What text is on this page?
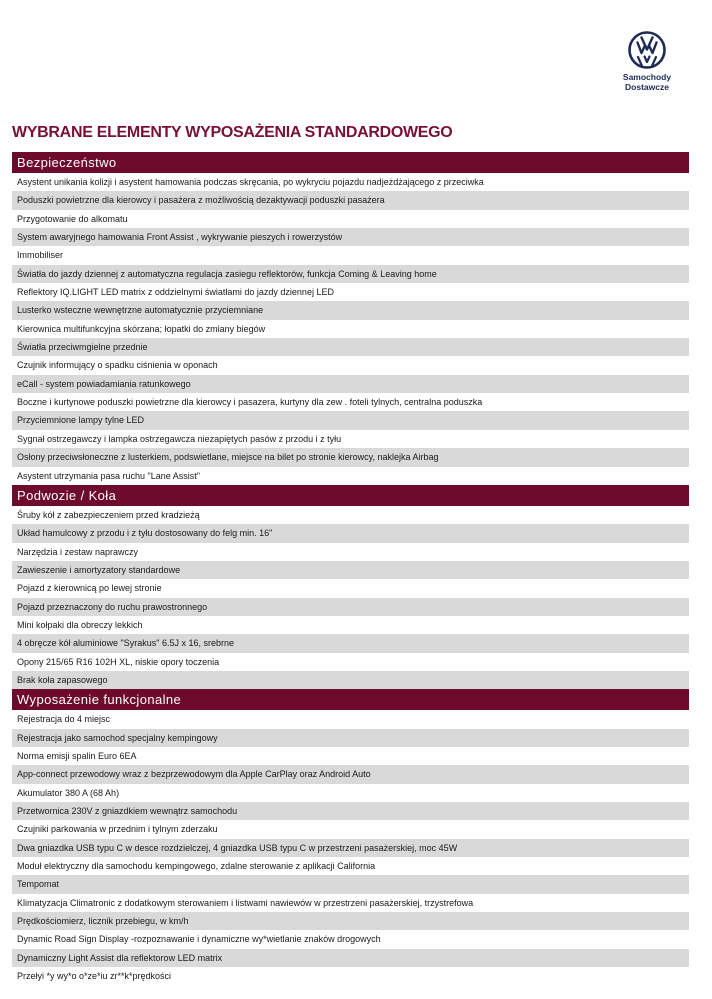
Samochody
Dostawcze
WYBRANE ELEMENTY WYPOSAŻENIA STANDARDOWEGO
Bezpieczeństwo
Asystent unikania kolizji i asystent hamowania podczas skręcania, po wykryciu pojazdu nadjeżdżającego z przeciwka
Poduszki powietrzne dla kierowcy i pasażera z możliwością dezaktywacji poduszki pasażera
Przygotowanie do alkomatu
System awaryjnego hamowania Front Assist , wykrywanie pieszych i rowerzystów
Immobiliser
Światła do jazdy dziennej z automatyczna regulacja zasiegu reflektorów, funkcja Coming & Leaving home
Reflektory IQ.LIGHT LED matrix z oddzielnymi światłami do jazdy dziennej LED
Lusterko wsteczne wewnętrzne automatycznie przyciemniane
Kierownica multifunkcyjna skórzana; łopatki do zmiany biegów
Światła przeciwmgielne przednie
Czujnik informujący o spadku ciśnienia w oponach
eCall - system powiadamiania ratunkowego
Boczne i kurtynowe poduszki powietrzne dla kierowcy i pasazera, kurtyny dla zew . foteli tylnych, centralna poduszka
Przyciemnione lampy tylne LED
Sygnał ostrzegawczy i lampka ostrzegawcza niezapiętych pasów z przodu i z tyłu
Osłony przeciwsłoneczne z lusterkiem, podswietlane, miejsce na bilet po stronie kierowcy, naklejka Airbag
Asystent utrzymania pasa ruchu "Lane Assist"
Podwozie / Koła
Śruby kół z zabezpieczeniem przed kradzieżą
Układ hamulcowy z przodu i z tyłu dostosowany do felg min. 16"
Narzędzia i zestaw naprawczy
Zawieszenie i amortyzatory standardowe
Pojazd z kierownicą po lewej stronie
Pojazd przeznaczony do ruchu prawostronnego
Mini kołpaki dla obreczy lekkich
4 obręcze kół aluminiowe "Syrakus" 6.5J x 16, srebrne
Opony 215/65 R16 102H XL, niskie opory toczenia
Brak koła zapasowego
Wyposażenie funkcjonalne
Rejestracja do 4 miejsc
Rejestracja jako samochod specjalny kempingowy
Norma emisji spalin Euro 6EA
App-connect przewodowy wraz z bezprzewodowym dla Apple CarPlay oraz Android Auto
Akumulator 380 A (68 Ah)
Przetwornica 230V z gniazdkiem wewnątrz samochodu
Czujniki parkowania w przednim i tylnym zderzaku
Dwa gniazdka USB typu C w desce rozdzielczej, 4 gniazdka USB typu C w przestrzeni pasażerskiej, moc 45W
Moduł elektryczny dla samochodu kempingowego, zdalne sterowanie z aplikacji California
Tempomat
Klimatyzacja Climatronic z dodatkowym sterowaniem i listwami nawiewów w przestrzeni pasażerskiej, trzystrefowa
Prędkościomierz, licznik przebiegu, w km/h
Dynamic Road Sign Display -rozpoznawanie i dynamiczne wy*wietlanie znaków drogowych
Dynamiczny Light Assist dla reflektorow LED matrix
Przełyi *y wy*o o*ze*iu zr**k*prędkości
